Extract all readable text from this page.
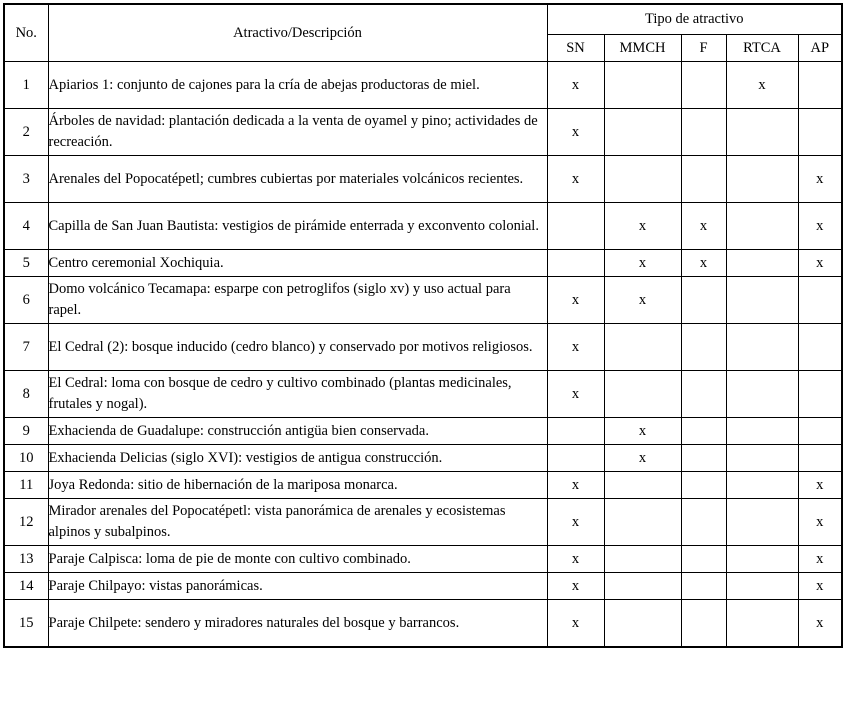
No.	Atractivo/Descripción	Tipo de atractivo				
		SN	MMCH	F	RTCA	AP
1	Apiarios 1: conjunto de cajones para la cría de abejas productoras de miel.	x			x	
2	Árboles de navidad: plantación dedicada a la venta de oyamel y pino; actividades de recreación.	x				
3	Arenales del Popocatépetl; cumbres cubiertas por materiales volcánicos recientes.	x				x
4	Capilla de San Juan Bautista: vestigios de pirámide enterrada y exconvento colonial.		x	x		x
5	Centro ceremonial Xochiquia.		x	x		x
6	Domo volcánico Tecamapa: esparpe con petroglifos (siglo xv) y uso actual para rapel.	x	x			
7	El Cedral (2): bosque inducido (cedro blanco) y conservado por motivos religiosos.	x				
8	El Cedral: loma con bosque de cedro y cultivo combinado (plantas medicinales, frutales y nogal).	x				
9	Exhacienda de Guadalupe: construcción antigüa bien conservada.		x			
10	Exhacienda Delicias (siglo XVI): vestigios de antigua construcción.		x			
11	Joya Redonda: sitio de hibernación de la mariposa monarca.	x				x
12	Mirador arenales del Popocatépetl: vista panorámica de arenales y ecosistemas alpinos y subalpinos.	x				x
13	Paraje Calpisca: loma de pie de monte con cultivo combinado.	x				x
14	Paraje Chilpayo: vistas panorámicas.	x				x
15	Paraje Chilpete: sendero y miradores naturales del bosque y barrancos.	x				x
